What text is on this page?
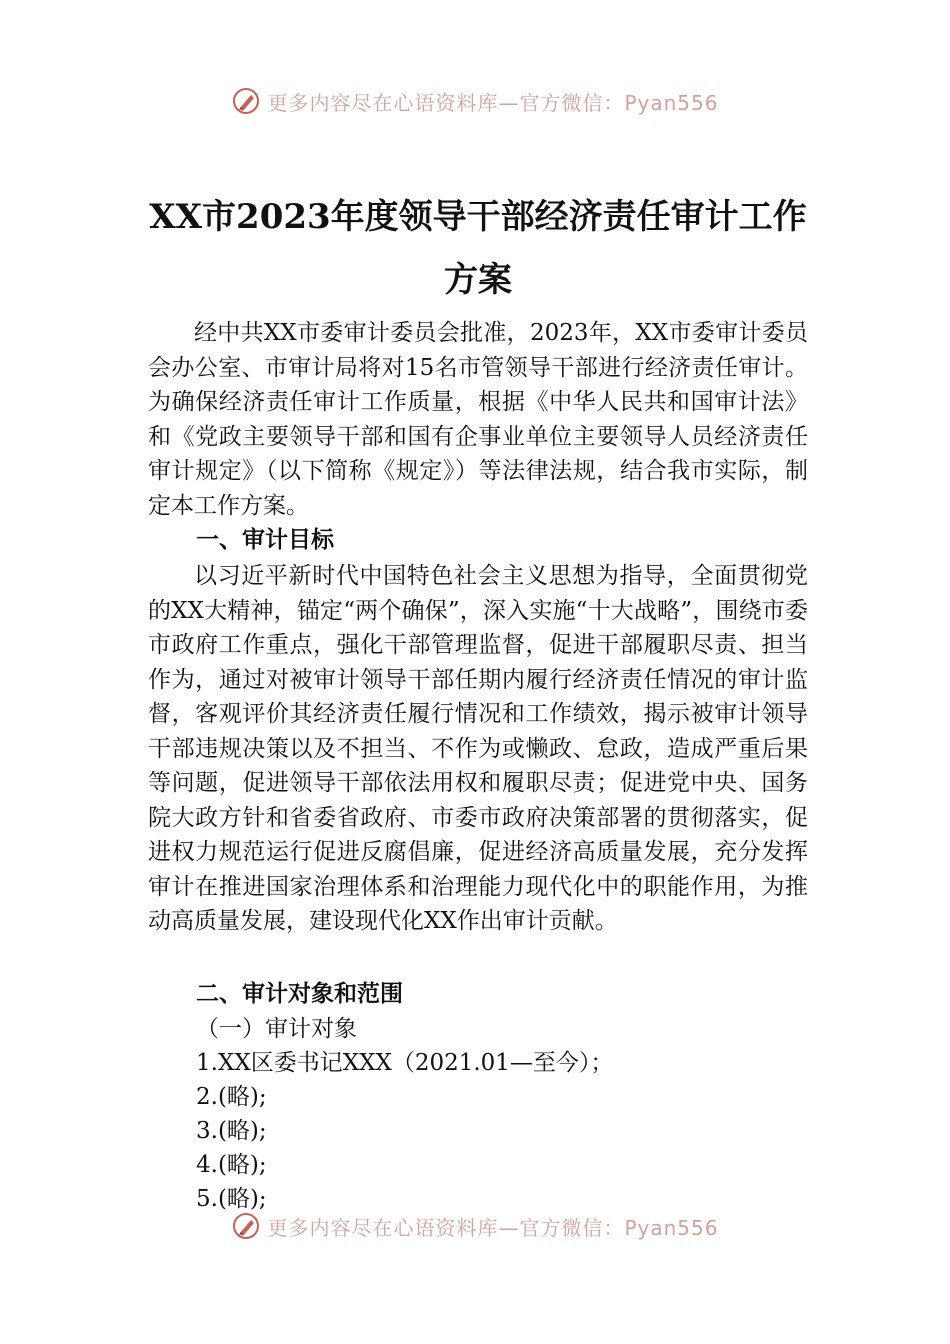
更多内容尽在心语资料库—官方微信：Pyan556
XX市2023年度领导干部经济责任审计工作方案

经中共XX市委审计委员会批准，2023年，XX市委审计委员会办公室、市审计局将对15名市管领导干部进行经济责任审计。为确保经济责任审计工作质量，根据《中华人民共和国审计法》和《党政主要领导干部和国有企事业单位主要领导人员经济责任审计规定》（以下简称《规定》）等法律法规，结合我市实际，制定本工作方案。

一、审计目标

以习近平新时代中国特色社会主义思想为指导，全面贯彻党的XX大精神，锚定“两个确保”，深入实施“十大战略”，围绕市委市政府工作重点，强化干部管理监督，促进干部履职尽责、担当作为，通过对被审计领导干部任期内履行经济责任情况的审计监督，客观评价其经济责任履行情况和工作绩效，揭示被审计领导干部违规决策以及不担当、不作为或懒政、怠政，造成严重后果等问题，促进领导干部依法用权和履职尽责；促进党中央、国务院大政方针和省委省政府、市委市政府决策部署的贯彻落实，促进权力规范运行促进反腐倡廉，促进经济高质量发展，充分发挥审计在推进国家治理体系和治理能力现代化中的职能作用，为推动高质量发展，建设现代化XX作出审计贡献。

二、审计对象和范围
（一）审计对象
1.XX区委书记XXX（2021.01—至今）；
2.(略);
3.(略);
4.(略);
5.(略);
更多内容尽在心语资料库—官方微信：Pyan556
